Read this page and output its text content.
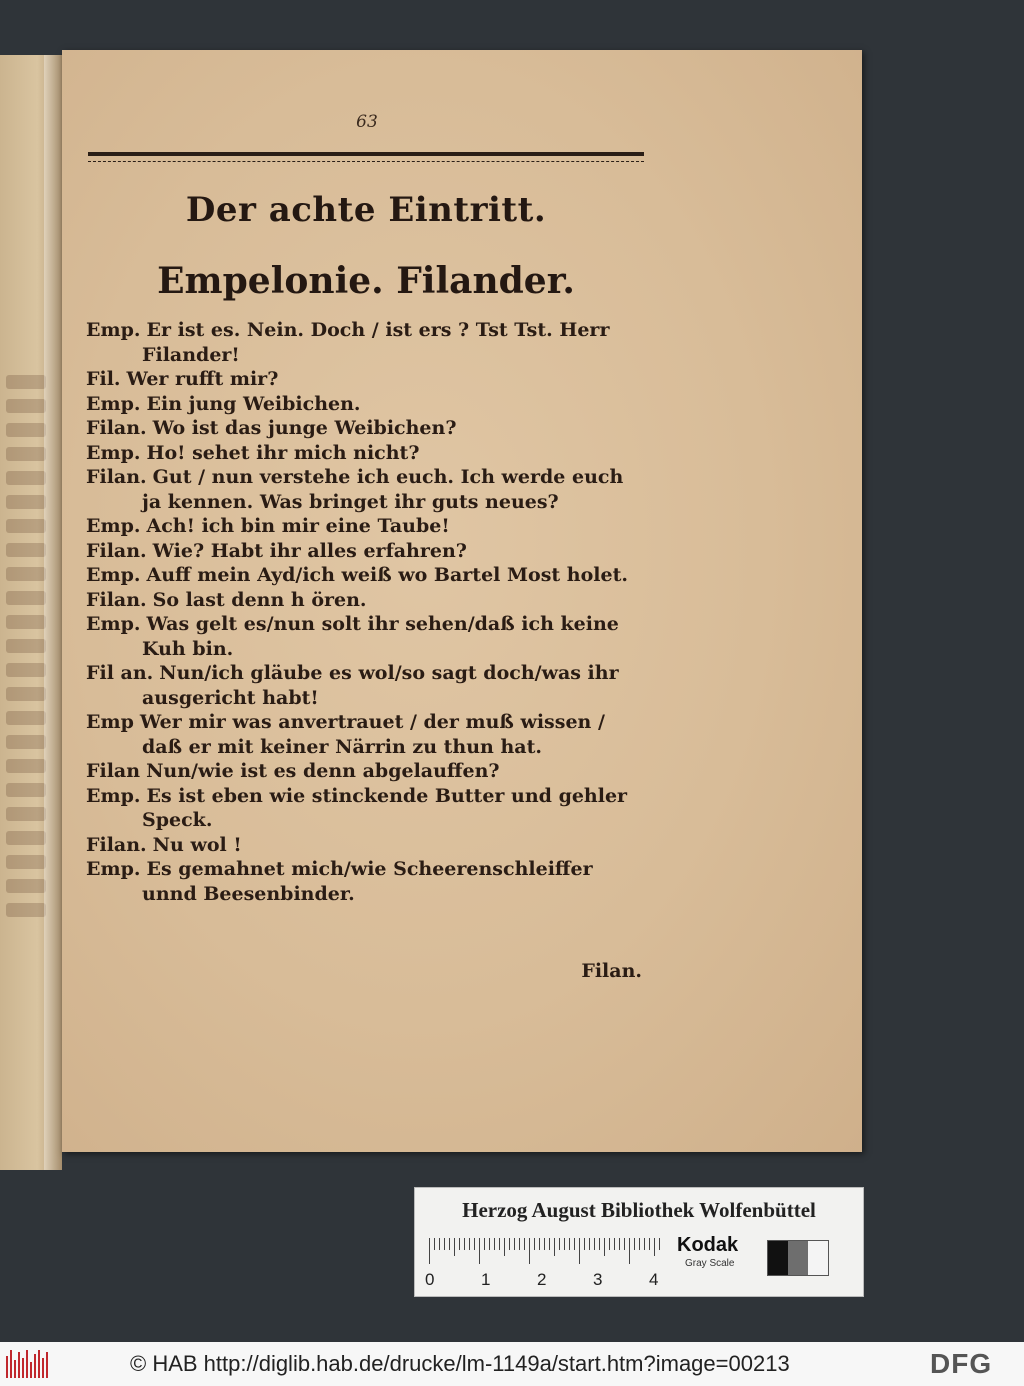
63
Der achte Eintritt.
Empelonie. Filander.

Emp. Er ist es. Nein. Doch / ist ers ? Tst Tst. Herr Filander!

Fil. Wer rufft mir?

Emp. Ein jung Weibichen.

Filan. Wo ist das junge Weibichen?

Emp. Ho! sehet ihr mich nicht?

Filan. Gut / nun verstehe ich euch. Ich werde euch ja kennen. Was bringet ihr guts neues?

Emp. Ach! ich bin mir eine Taube!

Filan. Wie? Habt ihr alles erfahren?

Emp. Auff mein Ayd/ich weiß wo Bartel Most holet.

Filan. So last denn h ören.

Emp. Was gelt es/nun solt ihr sehen/daß ich keine Kuh bin.

Fil an. Nun/ich gläube es wol/so sagt doch/was ihr ausgericht habt!

Emp Wer mir was anvertrauet / der muß wissen / daß er mit keiner Närrin zu thun hat.

Filan Nun/wie ist es denn abgelauffen?

Emp. Es ist eben wie stinckende Butter und gehler Speck.

Filan. Nu wol !

Emp. Es gemahnet mich/wie Scheerenschleiffer unnd Beesenbinder.

Filan.
Herzog August Bibliothek Wolfenbüttel
0	1	2	3	4
Kodak
Gray Scale
© HAB http://diglib.hab.de/drucke/lm-1149a/start.htm?image=00213	DFG
